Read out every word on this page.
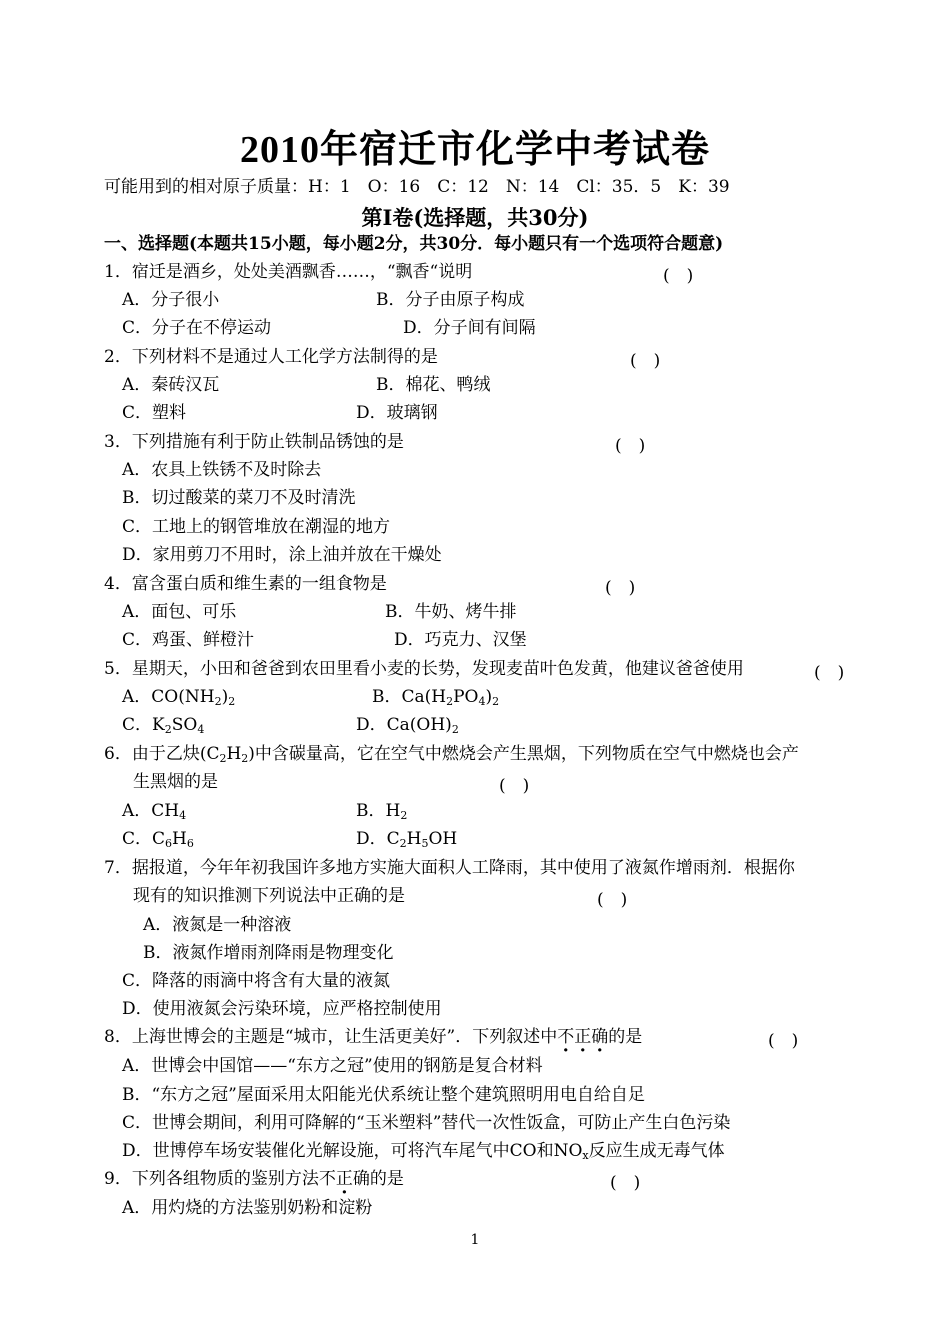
2010年宿迁市化学中考试卷
可能用到的相对原子质量：H：1　O：16　C：12　N：14　Cl：35．5　K：39
第Ⅰ卷(选择题，共30分)
一、选择题(本题共15小题，每小题2分，共30分．每小题只有一个选项符合题意)
1．宿迁是酒乡，处处美酒飘香……，“飘香“说明	(　)
A．分子很小	B．分子由原子构成
C．分子在不停运动	D．分子间有间隔
2．下列材料不是通过人工化学方法制得的是	(　)
A．秦砖汉瓦	B．棉花、鸭绒
C．塑料	D．玻璃钢
3．下列措施有利于防止铁制品锈蚀的是	(　)
A．农具上铁锈不及时除去
B．切过酸菜的菜刀不及时清洗
C．工地上的钢管堆放在潮湿的地方
D．家用剪刀不用时，涂上油并放在干燥处
4．富含蛋白质和维生素的一组食物是	(　)
A．面包、可乐	B．牛奶、烤牛排
C．鸡蛋、鲜橙汁	D．巧克力、汉堡
5．星期天，小田和爸爸到农田里看小麦的长势，发现麦苗叶色发黄，他建议爸爸使用	(　)
A．$CO(NH_2)_2$	B．$Ca(H_2PO_4)_2$
C．$K_2SO_4$	D．$Ca(OH)_2$
6．由于乙炔$(C_2H_2)$中含碳量高，它在空气中燃烧会产生黑烟，下列物质在空气中燃烧也会产
生黑烟的是	(　)
A．$CH_4$	B．$H_2$
C．$C_6H_6$	D．$C_2H_5OH$
7．据报道，今年年初我国许多地方实施大面积人工降雨，其中使用了液氮作增雨剂．根据你
现有的知识推测下列说法中正确的是	(　)
A．液氮是一种溶液
B．液氮作增雨剂降雨是物理变化
C．降落的雨滴中将含有大量的液氮
D．使用液氮会污染环境，应严格控制使用
8．上海世博会的主题是“城市，让生活更美好”．下列叙述中不正确的是	(　)
A．世博会中国馆——“东方之冠”使用的钢筋是复合材料
B．“东方之冠”屋面采用太阳能光伏系统让整个建筑照明用电自给自足
C．世博会期间，利用可降解的“玉米塑料”替代一次性饭盒，可防止产生白色污染
D．世博停车场安装催化光解设施，可将汽车尾气中CO和$NO_x$反应生成无毒气体
9．下列各组物质的鉴别方法不正确的是	(　)
A．用灼烧的方法鉴别奶粉和淀粉
1
